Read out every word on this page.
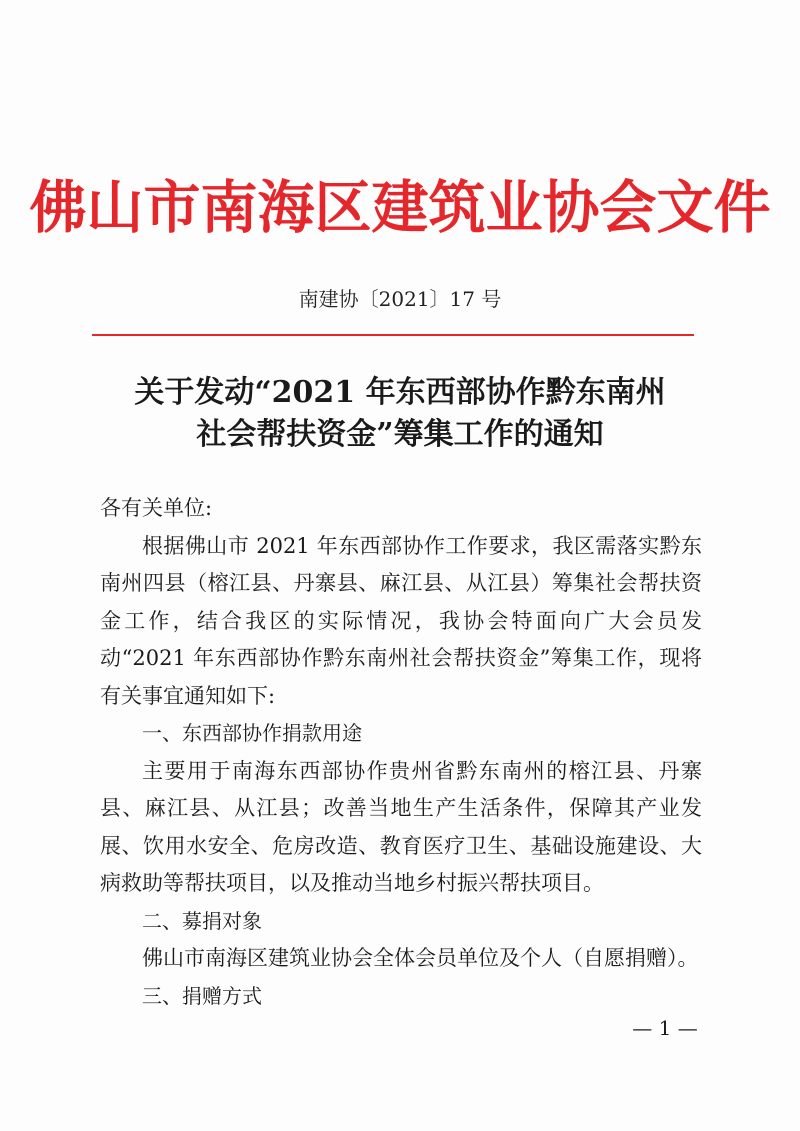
佛山市南海区建筑业协会文件
南建协〔2021〕17 号
关于发动“2021 年东西部协作黔东南州
社会帮扶资金”筹集工作的通知

各有关单位:

根据佛山市 2021 年东西部协作工作要求，我区需落实黔东南州四县（榕江县、丹寨县、麻江县、从江县）筹集社会帮扶资金工作，结合我区的实际情况，我协会特面向广大会员发动“2021 年东西部协作黔东南州社会帮扶资金”筹集工作，现将有关事宜通知如下:

一、东西部协作捐款用途

主要用于南海东西部协作贵州省黔东南州的榕江县、丹寨县、麻江县、从江县；改善当地生产生活条件，保障其产业发展、饮用水安全、危房改造、教育医疗卫生、基础设施建设、大病救助等帮扶项目，以及推动当地乡村振兴帮扶项目。

二、募捐对象

佛山市南海区建筑业协会全体会员单位及个人（自愿捐赠）。

三、捐赠方式

— 1 —
